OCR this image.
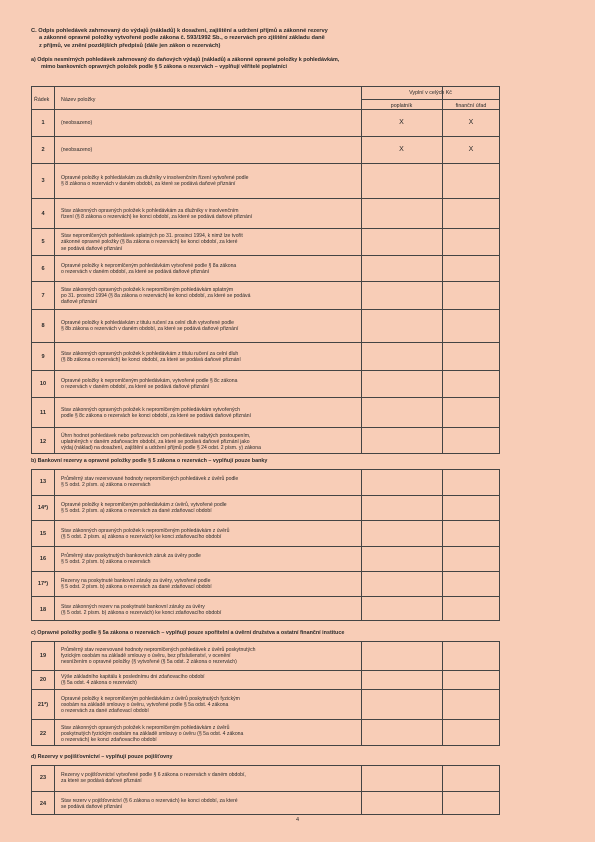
C. Odpis pohledávek zahrnovaný do výdajů (nákladů) k dosažení, zajištění a udržení příjmů a zákonné rezervy
a zákonné opravné položky vytvořené podle zákona č. 593/1992 Sb., o rezervách pro zjištění základu daně
z příjmů, ve znění pozdějších předpisů (dále jen zákon o rezervách)
a) Odpis nesmírných pohledávek zahrnovaný do daňových výdajů (nákladů) a zákonné opravné položky k pohledávkám,
mimo bankovních opravných položek podle § 5 zákona o rezervách – vyplňují věřitelé poplatníci
Řádek Název položky
Vyplní v celých Kč
poplatník	finanční úřad
1	(neobsazeno)	X	X
2	(neobsazeno)	X	X
3	Opravné položky k pohledávkám za dlužníky v insolvenčním řízení vytvořené podle
§ 8 zákona o rezervách v daném období, za které se podává daňové přiznání
4	Stav zákonných opravných položek k pohledávkám za dlužníky v insolvenčním
řízení (§ 8 zákona o rezervách) ke konci období, za které se podává daňové přiznání
5
Stav nepromlčených pohledávek splatných po 31. prosinci 1994, k nimž lze tvořit
zákonné opravné položky (§ 8a zákona o rezervách) ke konci období, za které
se podává daňové přiznání
6	Opravné položky k nepromlčeným pohledávkám vytvořené podle § 8a zákona
o rezervách v daném období, za které se podává daňové přiznání
7
Stav zákonných opravných položek k nepromlčeným pohledávkám splatným
po 31. prosinci 1994 (§ 8a zákona o rezervách) ke konci období, za které se podává
daňové přiznání
8	Opravné položky k pohledávkám z titulu ručení za celní dluh vytvořené podle
§ 8b zákona o rezervách v daném období, za které se podává daňové přiznání
9	Stav zákonných opravných položek k pohledávkám z titulu ručení za celní dluh
(§ 8b zákona o rezervách) ke konci období, za které se podává daňové přiznání
10	Opravné položky k nepromlčeným pohledávkám, vytvořené podle § 8c zákona
o rezervách v daném období, za které se podává daňové přiznání
11	Stav zákonných opravných položek k nepromlčeným pohledávkám vytvořených
podle § 8c zákona o rezervách ke konci období, za které se podává daňové přiznání
12
Úhrn hodnot pohledávek nebo pořizovacích cen pohledávek nabytých postoupením,
uplatněných v daném zdaňovacím období, za které se podává daňové přiznání jako
výdaj (náklad) na dosažení, zajištění a udržení příjmů podle § 24 odst. 2 písm. y) zákona
b) Bankovní rezervy a opravné položky podle § 5 zákona o rezervách – vyplňují pouze banky
13	Průměrný stav rezervované hodnoty nepromlčených pohledávek z úvěrů podle
§ 5 odst. 2 písm. a) zákona o rezervách
14*)	Opravné položky k nepromlčeným pohledávkám z úvěrů, vytvořené podle
§ 5 odst. 2 písm. a) zákona o rezervách za dané zdaňovací období
15	Stav zákonných opravných položek k nepromlčeným pohledávkám z úvěrů
(§ 5 odst. 2 písm. a) zákona o rezervách) ke konci zdaňovacího období
16	Průměrný stav poskytnutých bankovních záruk za úvěry podle
§ 5 odst. 2 písm. b) zákona o rezervách
17*)	Rezervy na poskytnuté bankovní záruky za úvěry, vytvořené podle
§ 5 odst. 2 písm. b) zákona o rezervách za dané zdaňovací období
18	Stav zákonných rezerv na poskytnuté bankovní záruky za úvěry
(§ 5 odst. 2 písm. b) zákona o rezervách) ke konci zdaňovacího období
c) Opravné položky podle § 5a zákona o rezervách – vyplňují pouze spořitelní a úvěrní družstva a ostatní finanční instituce
19
Průměrný stav rezervované hodnoty nepromlčených pohledávek z úvěrů poskytnutých
fyzickým osobám na základě smlouvy o úvěru, bez příslušenství, v ocenění
nesnížením o opravné položky (§ vytvořené (§ 5a odst. 2 zákona o rezervách)
20	Výše základního kapitálu k poslednímu dni zdaňovacího období
(§ 5a odst. 4 zákona o rezervách)
21*)
Opravné položky k nepromlčeným pohledávkám z úvěrů poskytnutých fyzickým
osobám na základě smlouvy o úvěru, vytvořené podle § 5a odst. 4 zákona
o rezervách za dané zdaňovací období
22
Stav zákonných opravných položek k nepromlčeným pohledávkám z úvěrů
poskytnutých fyzickým osobám na základě smlouvy o úvěru (§ 5a odst. 4 zákona
o rezervách) ke konci zdaňovacího období
d) Rezervy v pojišťovnictví – vyplňují pouze pojišťovny
23	Rezervy v pojišťovnictví vytvořené podle § 6 zákona o rezervách v daném období,
za které se podává daňové přiznání
24	Stav rezerv v pojišťovnictví (§ 6 zákona o rezervách) ke konci období, za které
se podává daňové přiznání
4
